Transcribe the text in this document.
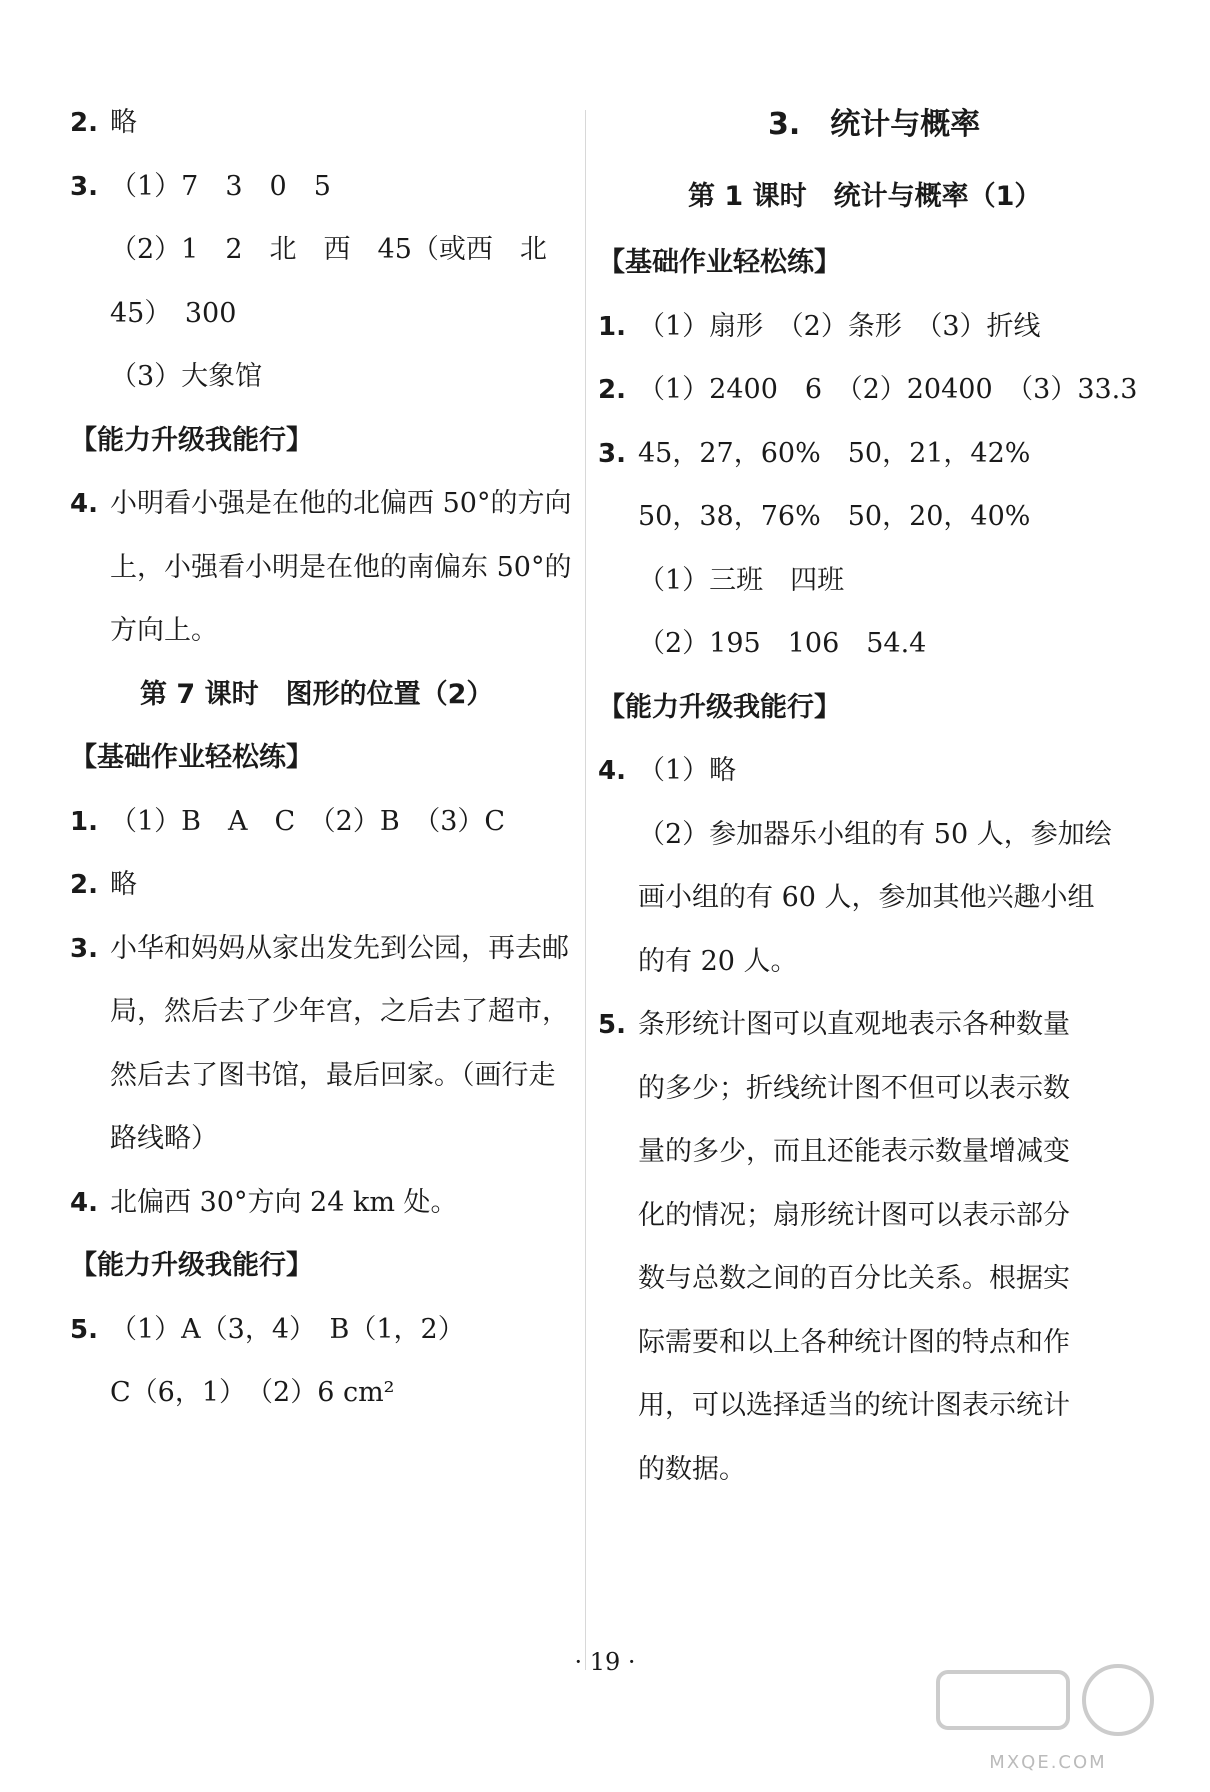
2. 略
3. （1）7　3　0　5
（2）1　2　北　西　45（或西　北
45）　300
（3）大象馆
【能力升级我能行】
4. 小明看小强是在他的北偏西 50°的方向
上，小强看小明是在他的南偏东 50°的
方向上。
第 7 课时　图形的位置（2）
【基础作业轻松练】
1. （1）B　A　C　（2）B　（3）C
2. 略
3. 小华和妈妈从家出发先到公园，再去邮
局，然后去了少年宫，之后去了超市，
然后去了图书馆，最后回家。（画行走
路线略）
4. 北偏西 30°方向 24 km 处。
【能力升级我能行】
5. （1）A（3，4）　B（1，2）
C（6，1）　（2）6 cm²
3.　统计与概率
第 1 课时　统计与概率（1）
【基础作业轻松练】
1. （1）扇形　（2）条形　（3）折线
2. （1）2400　6　（2）20400　（3）33.3
3. 45，27，60%　50，21，42%
50，38，76%　50，20，40%
（1）三班　四班
（2）195　106　54.4
【能力升级我能行】
4. （1）略
（2）参加器乐小组的有 50 人，参加绘
画小组的有 60 人，参加其他兴趣小组
的有 20 人。
5. 条形统计图可以直观地表示各种数量
的多少；折线统计图不但可以表示数
量的多少，而且还能表示数量增减变
化的情况；扇形统计图可以表示部分
数与总数之间的百分比关系。根据实
际需要和以上各种统计图的特点和作
用，可以选择适当的统计图表示统计
的数据。
· 19 ·
MXQE.COM
